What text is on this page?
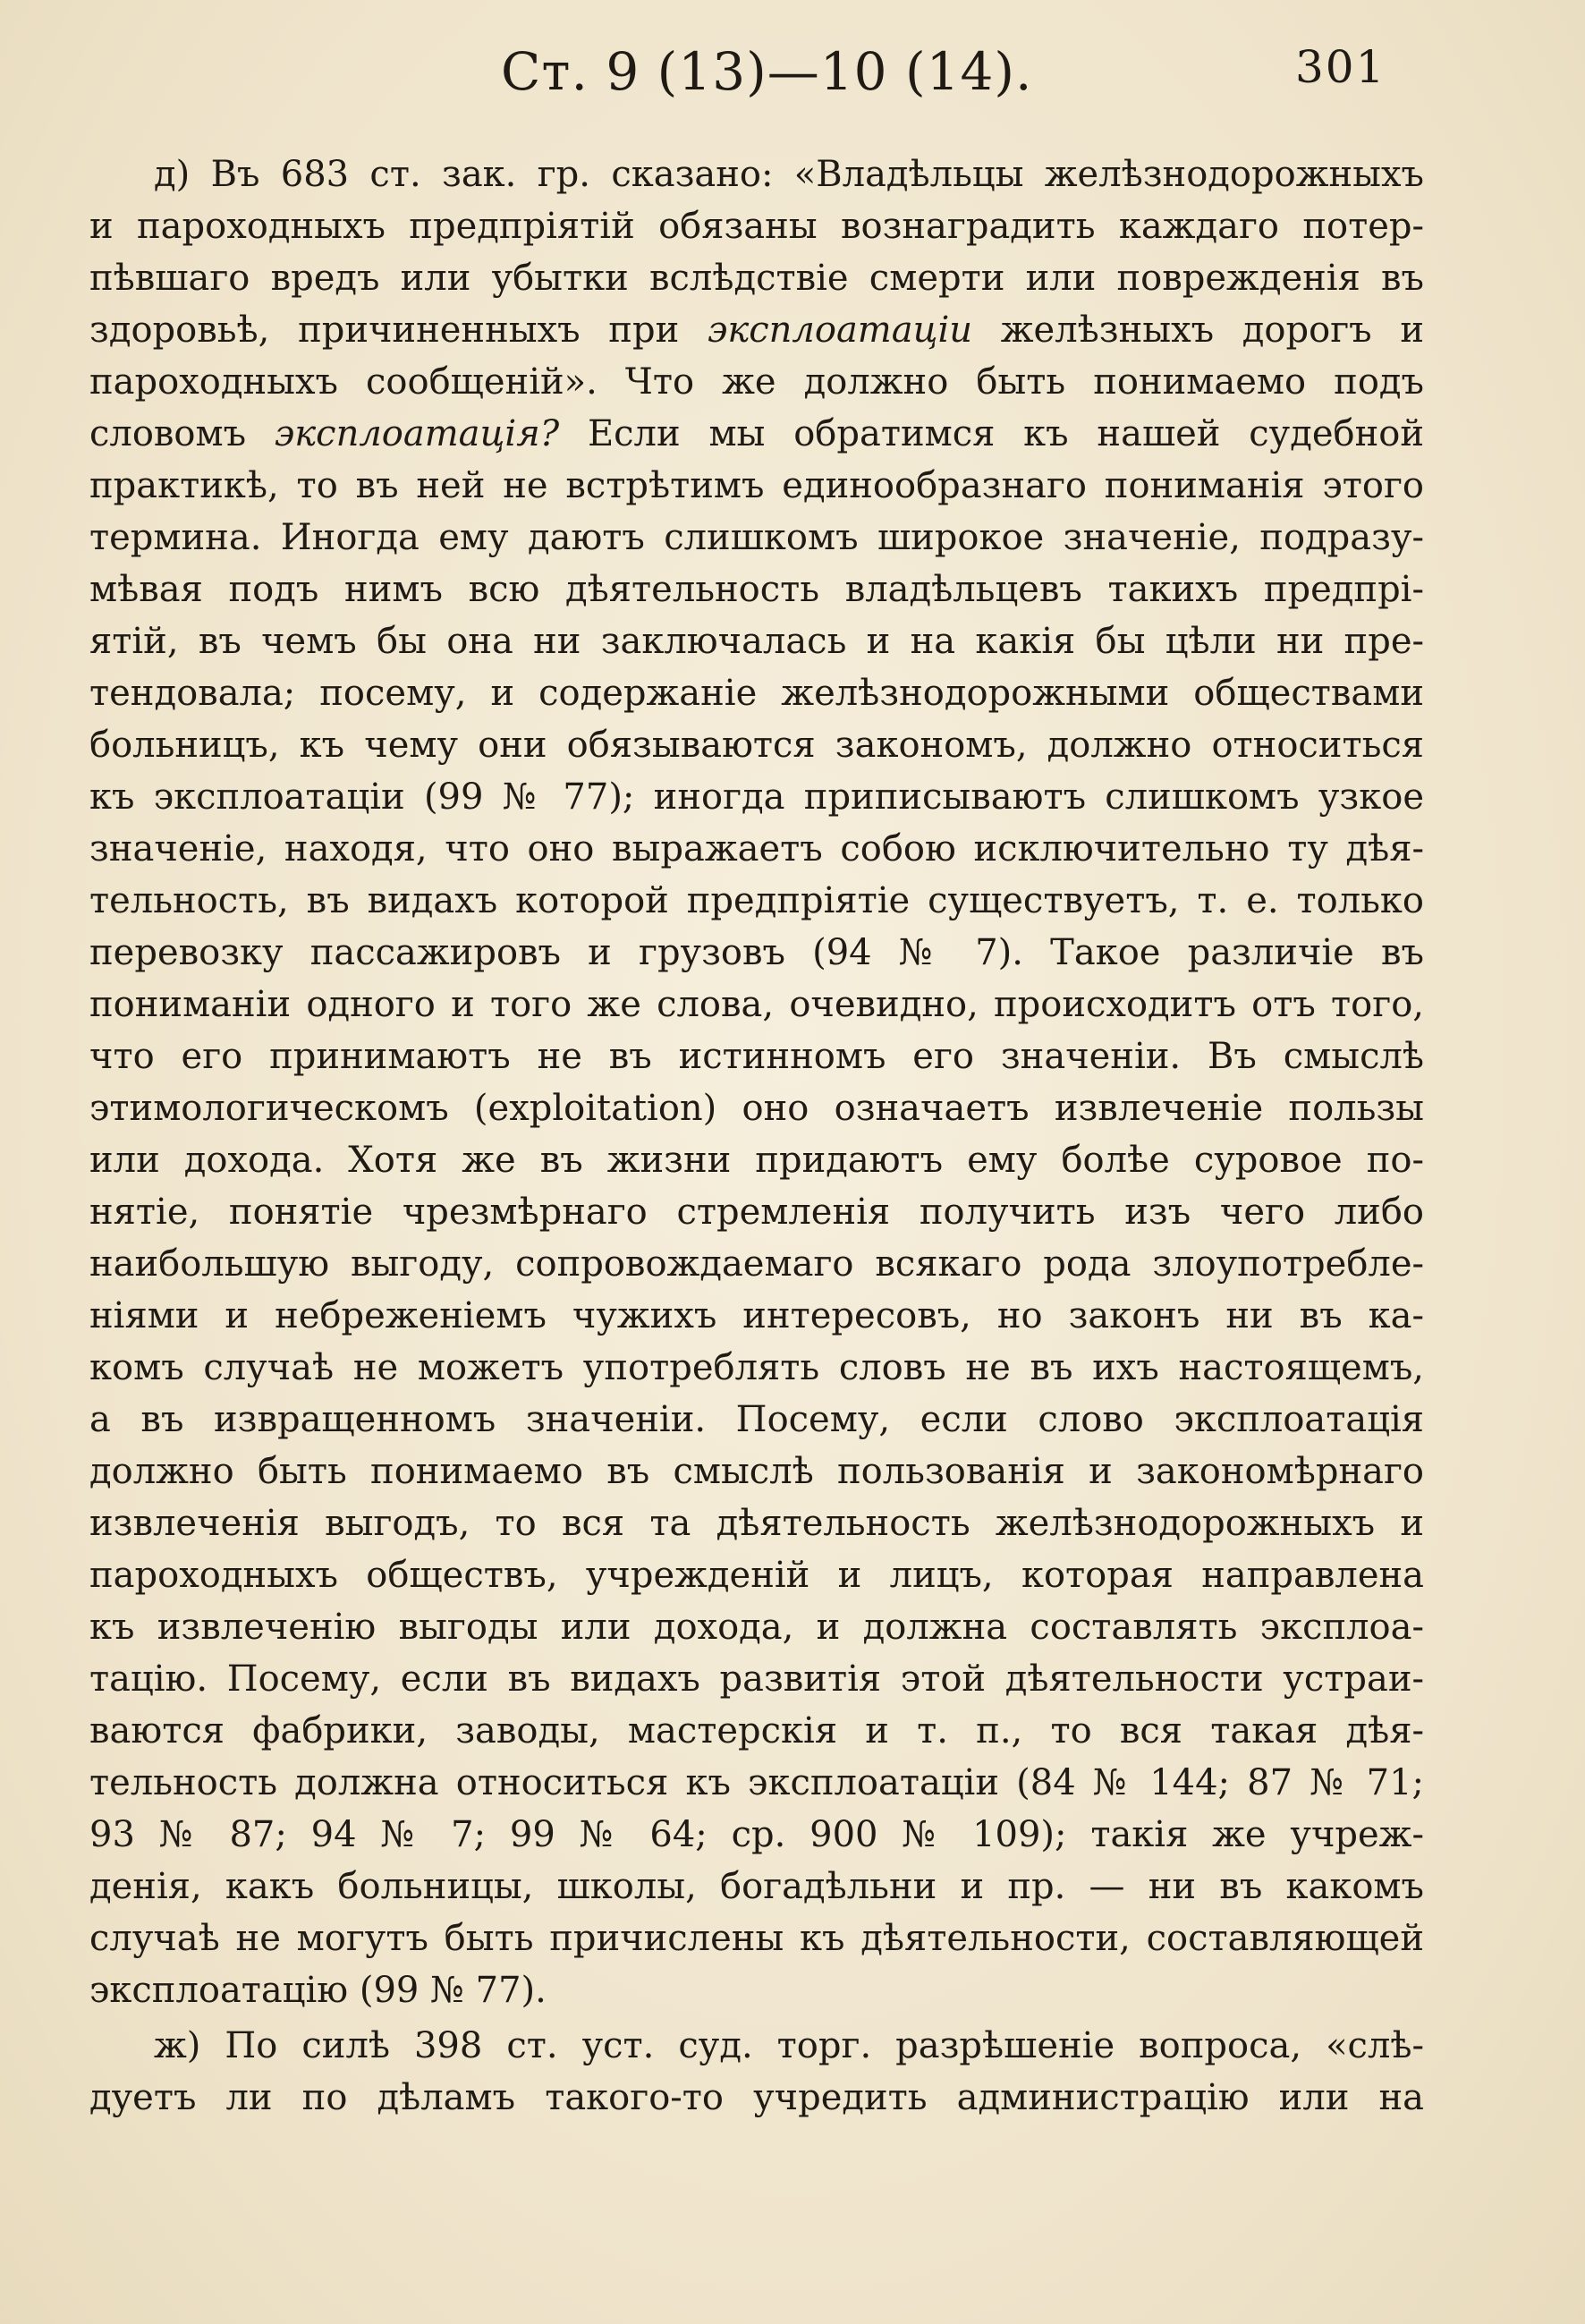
Ст. 9 (13)—10 (14).	301
д) Въ 683 ст. зак. гр. сказано: «Владѣльцы желѣзнодорожныхъ
и пароходныхъ предпріятій обязаны вознаградить каждаго потер-
пѣвшаго вредъ или убытки вслѣдствіе смерти или поврежденія въ
здоровьѣ, причиненныхъ при эксплоатаціи желѣзныхъ дорогъ и
пароходныхъ сообщеній». Что же должно быть понимаемо подъ
словомъ эксплоатація? Если мы обратимся къ нашей судебной
практикѣ, то въ ней не встрѣтимъ единообразнаго пониманія этого
термина. Иногда ему даютъ слишкомъ широкое значеніе, подразу-
мѣвая подъ нимъ всю дѣятельность владѣльцевъ такихъ предпрі-
ятій, въ чемъ бы она ни заключалась и на какія бы цѣли ни пре-
тендовала; посему, и содержаніе желѣзнодорожными обществами
больницъ, къ чему они обязываются закономъ, должно относиться
къ эксплоатаціи (99 № 77); иногда приписываютъ слишкомъ узкое
значеніе, находя, что оно выражаетъ собою исключительно ту дѣя-
тельность, въ видахъ которой предпріятіе существуетъ, т. е. только
перевозку пассажировъ и грузовъ (94 № 7). Такое различіе въ
пониманіи одного и того же слова, очевидно, происходитъ отъ того,
что его принимаютъ не въ истинномъ его значеніи. Въ смыслѣ
этимологическомъ (exploitation) оно означаетъ извлеченіе пользы
или дохода. Хотя же въ жизни придаютъ ему болѣе суровое по-
нятіе, понятіе чрезмѣрнаго стремленія получить изъ чего либо
наибольшую выгоду, сопровождаемаго всякаго рода злоупотребле-
ніями и небреженіемъ чужихъ интересовъ, но законъ ни въ ка-
комъ случаѣ не можетъ употреблять словъ не въ ихъ настоящемъ,
а въ извращенномъ значеніи. Посему, если слово эксплоатація
должно быть понимаемо въ смыслѣ пользованія и закономѣрнаго
извлеченія выгодъ, то вся та дѣятельность желѣзнодорожныхъ и
пароходныхъ обществъ, учрежденій и лицъ, которая направлена
къ извлеченію выгоды или дохода, и должна составлять эксплоа-
тацію. Посему, если въ видахъ развитія этой дѣятельности устраи-
ваются фабрики, заводы, мастерскія и т. п., то вся такая дѣя-
тельность должна относиться къ эксплоатаціи (84 № 144; 87 № 71;
93 № 87; 94 № 7; 99 № 64; ср. 900 № 109); такія же учреж-
денія, какъ больницы, школы, богадѣльни и пр. — ни въ какомъ
случаѣ не могутъ быть причислены къ дѣятельности, составляющей
эксплоатацію (99 № 77).
ж) По силѣ 398 ст. уст. суд. торг. разрѣшеніе вопроса, «слѣ-
дуетъ ли по дѣламъ такого-то учредить администрацію или на
